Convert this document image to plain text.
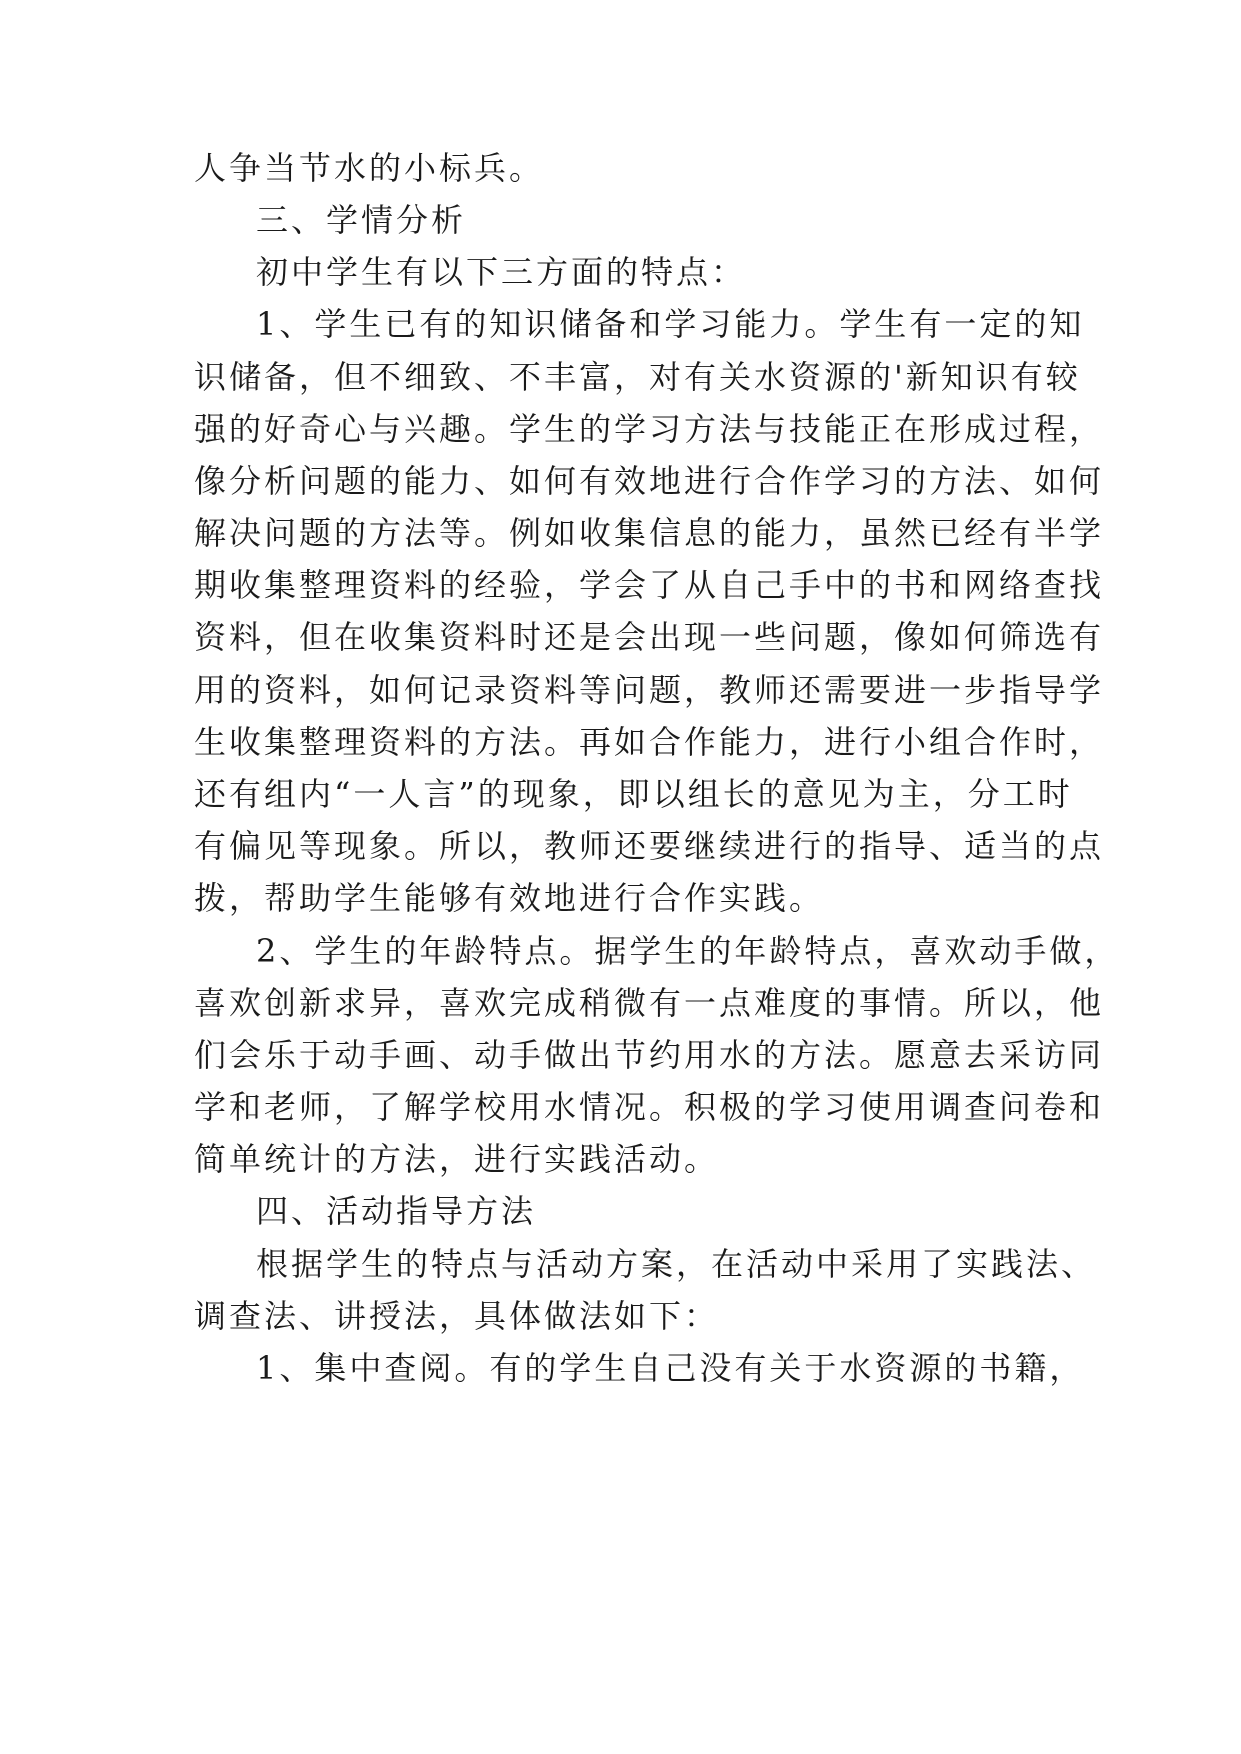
人争当节水的小标兵。
三、学情分析
初中学生有以下三方面的特点：
1、学生已有的知识储备和学习能力。学生有一定的知
识储备，但不细致、不丰富，对有关水资源的'新知识有较
强的好奇心与兴趣。学生的学习方法与技能正在形成过程，
像分析问题的能力、如何有效地进行合作学习的方法、如何
解决问题的方法等。例如收集信息的能力，虽然已经有半学
期收集整理资料的经验，学会了从自己手中的书和网络查找
资料，但在收集资料时还是会出现一些问题，像如何筛选有
用的资料，如何记录资料等问题，教师还需要进一步指导学
生收集整理资料的方法。再如合作能力，进行小组合作时，
还有组内“一人言”的现象，即以组长的意见为主，分工时
有偏见等现象。所以，教师还要继续进行的指导、适当的点
拨，帮助学生能够有效地进行合作实践。
2、学生的年龄特点。据学生的年龄特点，喜欢动手做，
喜欢创新求异，喜欢完成稍微有一点难度的事情。所以，他
们会乐于动手画、动手做出节约用水的方法。愿意去采访同
学和老师，了解学校用水情况。积极的学习使用调查问卷和
简单统计的方法，进行实践活动。
四、活动指导方法
根据学生的特点与活动方案，在活动中采用了实践法、
调查法、讲授法，具体做法如下：
1、集中查阅。有的学生自己没有关于水资源的书籍，
